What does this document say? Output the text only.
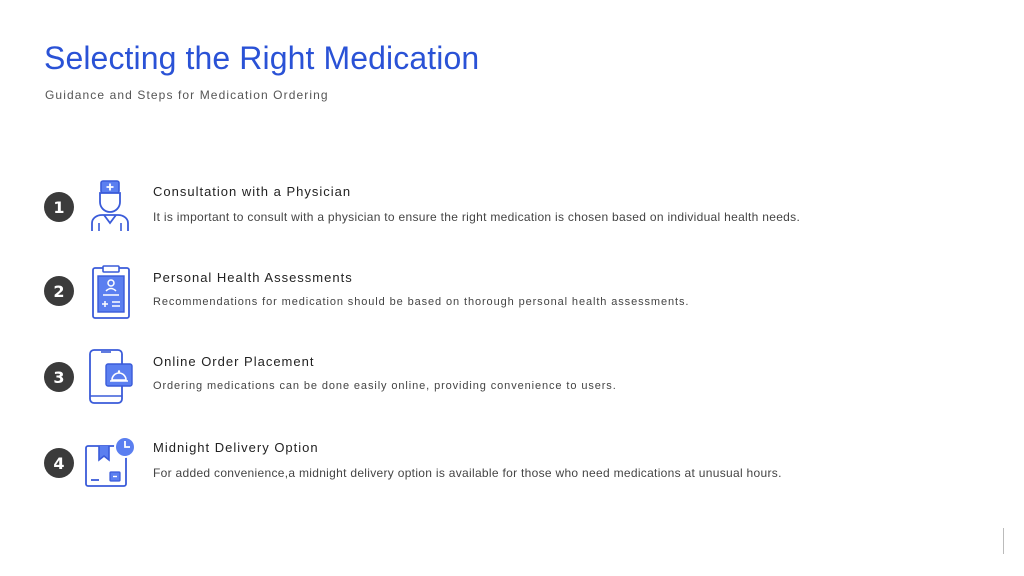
Selecting the Right Medication
Guidance and Steps for Medication Ordering
1
Consultation with a Physician
It is important to consult with a physician to ensure the right medication is chosen based on individual health needs.
2
Personal Health Assessments
Recommendations for medication should be based on thorough personal health assessments.
3
Online Order Placement
Ordering medications can be done easily online, providing convenience to users.
4
Midnight Delivery Option
For added convenience,a midnight delivery option is available for those who need medications at unusual hours.
